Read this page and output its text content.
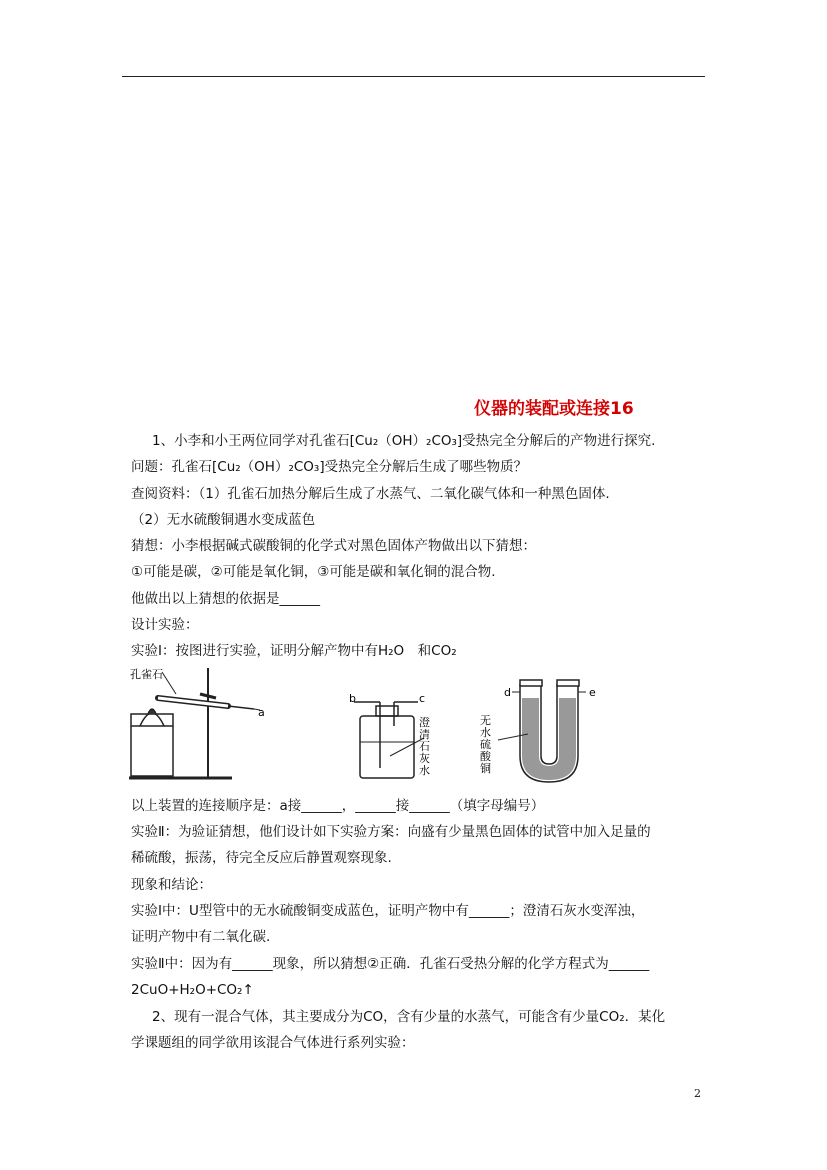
仪器的装配或连接16
1、小李和小王两位同学对孔雀石[Cu₂（OH）₂CO₃]受热完全分解后的产物进行探究.
问题：孔雀石[Cu₂（OH）₂CO₃]受热完全分解后生成了哪些物质？
查阅资料：（1）孔雀石加热分解后生成了水蒸气、二氧化碳气体和一种黑色固体.
（2）无水硫酸铜遇水变成蓝色
猜想：小李根据碱式碳酸铜的化学式对黑色固体产物做出以下猜想：
①可能是碳，②可能是氧化铜，③可能是碳和氧化铜的混合物.
他做出以上猜想的依据是______
设计实验：
实验Ⅰ：按图进行实验，证明分解产物中有H₂O　和CO₂
孔雀石
a
b	c
澄
清
石
灰
水
d	e
无
水
硫
酸
铜
以上装置的连接顺序是：a接______，______接______（填字母编号）
实验Ⅱ：为验证猜想，他们设计如下实验方案：向盛有少量黑色固体的试管中加入足量的
稀硫酸，振荡，待完全反应后静置观察现象.
现象和结论：
实验Ⅰ中：U型管中的无水硫酸铜变成蓝色，证明产物中有______；澄清石灰水变浑浊，
证明产物中有二氧化碳.
实验Ⅱ中：因为有______现象，所以猜想②正确．孔雀石受热分解的化学方程式为______
2CuO+H₂O+CO₂↑
2、现有一混合气体，其主要成分为CO，含有少量的水蒸气，可能含有少量CO₂．某化
学课题组的同学欲用该混合气体进行系列实验：
2
